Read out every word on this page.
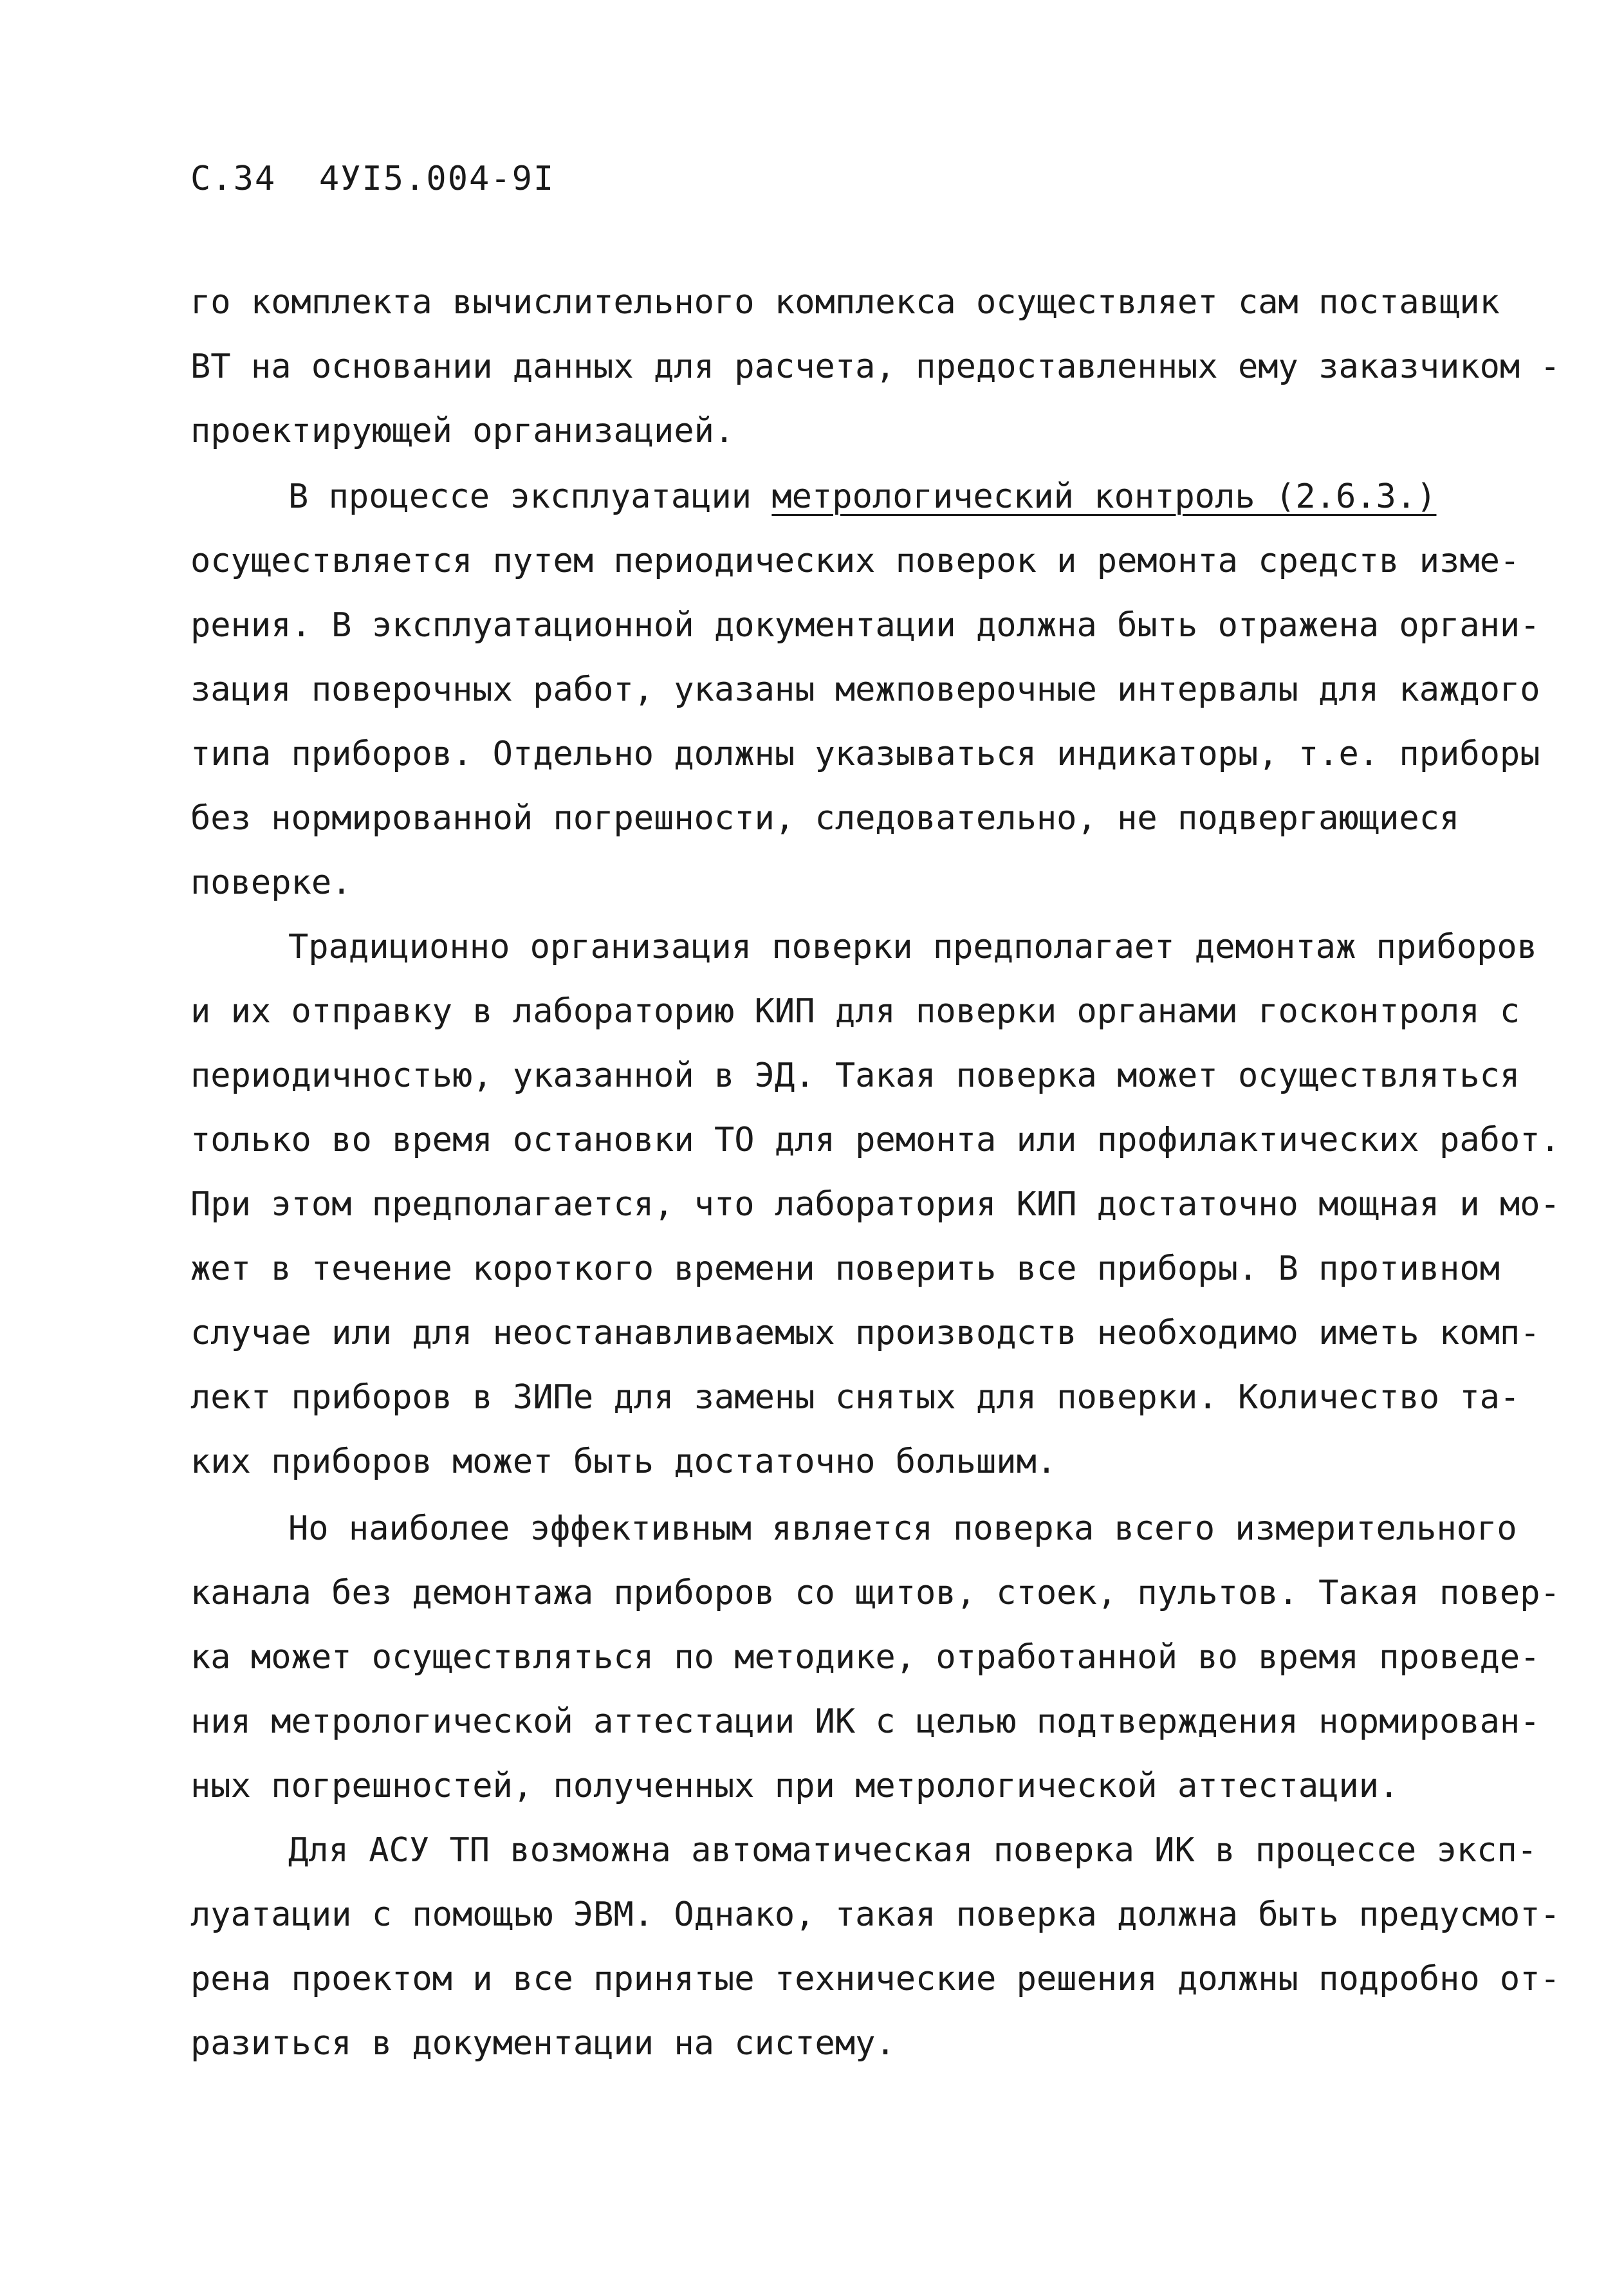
С.34 4УI5.004-9I
го комплекта вычислительного комплекса осуществляет сам поставщик
ВТ на основании данных для расчета, предоставленных ему заказчиком -
проектирующей организацией.
В процессе эксплуатации метрологический контроль (2.6.3.)
осуществляется путем периодических поверок и ремонта средств изме-
рения. В эксплуатационной документации должна быть отражена органи-
зация поверочных работ, указаны межповерочные интервалы для каждого
типа приборов. Отдельно должны указываться индикаторы, т.е. приборы
без нормированной погрешности, следовательно, не подвергающиеся
поверке.
Традиционно организация поверки предполагает демонтаж приборов
и их отправку в лабораторию КИП для поверки органами госконтроля с
периодичностью, указанной в ЭД. Такая поверка может осуществляться
только во время остановки ТО для ремонта или профилактических работ.
При этом предполагается, что лаборатория КИП достаточно мощная и мо-
жет в течение короткого времени поверить все приборы. В противном
случае или для неостанавливаемых производств необходимо иметь комп-
лект приборов в ЗИПе для замены снятых для поверки. Количество та-
ких приборов может быть достаточно большим.
Но наиболее эффективным является поверка всего измерительного
канала без демонтажа приборов со щитов, стоек, пультов. Такая повер-
ка может осуществляться по методике, отработанной во время проведе-
ния метрологической аттестации ИК с целью подтверждения нормирован-
ных погрешностей, полученных при метрологической аттестации.
Для АСУ ТП возможна автоматическая поверка ИК в процессе эксп-
луатации с помощью ЭВМ. Однако, такая поверка должна быть предусмот-
рена проектом и все принятые технические решения должны подробно от-
разиться в документации на систему.
